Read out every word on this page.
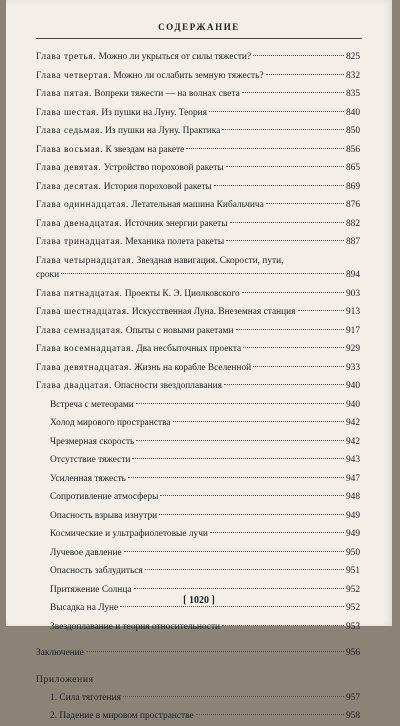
СОДЕРЖАНИЕ
Глава третья. Можно ли укрыться от силы тяжести?	825
Глава четвертая. Можно ли ослабить земную тяжесть?	832
Глава пятая. Вопреки тяжести — на волнах света	835
Глава шестая. Из пушки на Луну. Теория	840
Глава седьмая. Из пушки на Луну. Практика	850
Глава восьмая. К звездам на ракете	856
Глава девятая. Устройство пороховой ракеты	865
Глава десятая. История пороховой ракеты	869
Глава одиннадцатая. Летательная машина Кибальчича	876
Глава двенадцатая. Источник энергии ракеты	882
Глава тринадцатая. Механика полета ракеты	887
Глава четырнадцатая. Звездная навигация. Скорости, пути,
сроки	894
Глава пятнадцатая. Проекты К. Э. Циолковского	903
Глава шестнадцатая. Искусственная Луна. Внеземная станция	913
Глава семнадцатая. Опыты с новыми ракетами	917
Глава восемнадцатая. Два несбыточных проекта	929
Глава девятнадцатая. Жизнь на корабле Вселенной	933
Глава двадцатая. Опасности звездоплавания	940
Встреча с метеорами	940
Холод мирового пространства	942
Чрезмерная скорость	942
Отсутствие тяжести	943
Усиленная тяжесть	947
Сопротивление атмосферы	948
Опасность взрыва изнутри	949
Космические и ультрафиолетовые лучи	949
Лучевое давление	950
Опасность заблудиться	951
Притяжение Солнца	952
Высадка на Луне	952
Звездоплавание и теория относительности	953
Заключение	956
Приложения
1. Сила тяготения	957
2. Падение в мировом пространстве	958
[ 1020 ]
